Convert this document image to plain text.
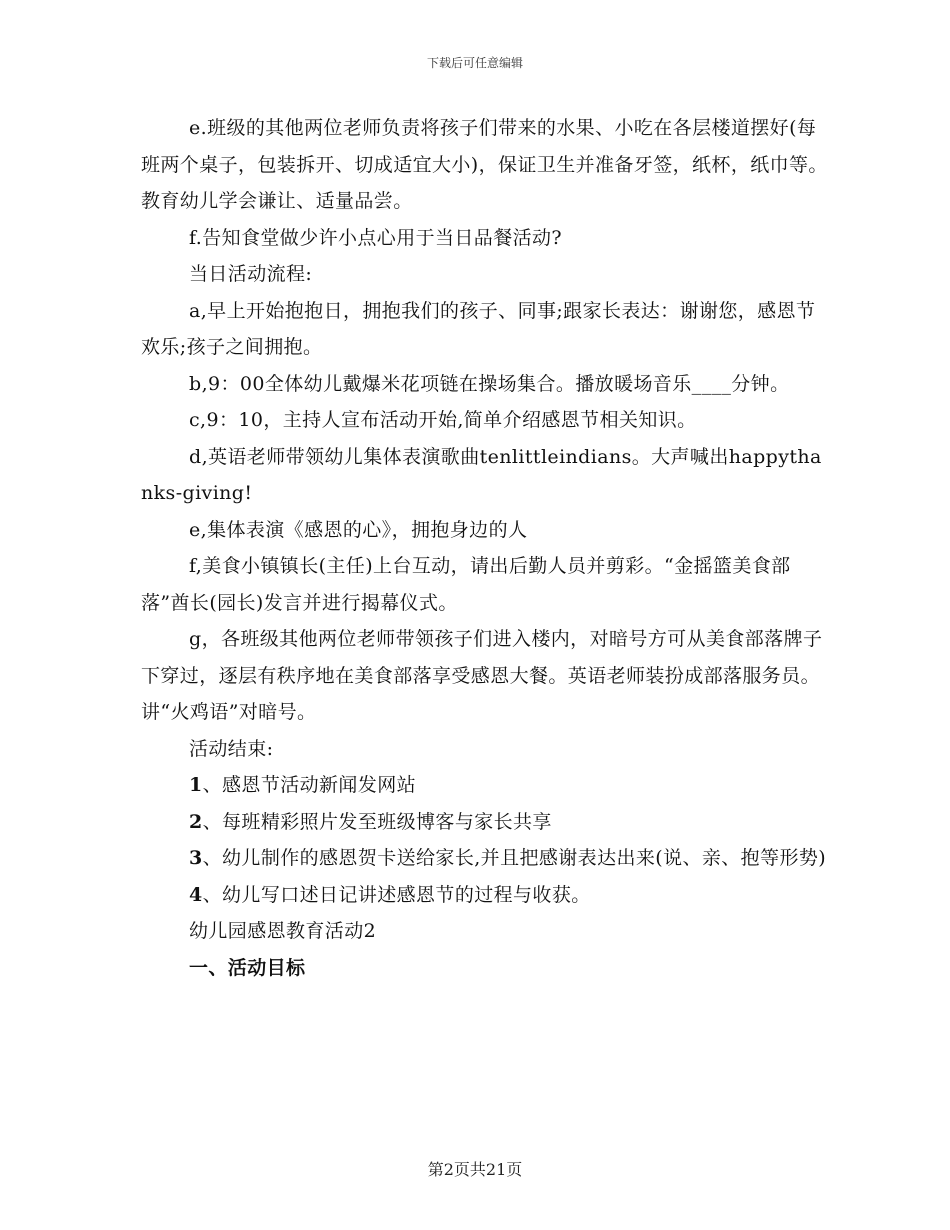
下载后可任意编辑

e.班级的其他两位老师负责将孩子们带来的水果、小吃在各层楼道摆好(每班两个桌子，包装拆开、切成适宜大小)，保证卫生并准备牙签，纸杯，纸巾等。教育幼儿学会谦让、适量品尝。

f.告知食堂做少许小点心用于当日品餐活动?

当日活动流程:

a,早上开始抱抱日，拥抱我们的孩子、同事;跟家长表达：谢谢您，感恩节欢乐;孩子之间拥抱。

b,9：00全体幼儿戴爆米花项链在操场集合。播放暖场音乐____分钟。

c,9：10，主持人宣布活动开始,简单介绍感恩节相关知识。

d,英语老师带领幼儿集体表演歌曲tenlittleindians。大声喊出happythanks-giving!

e,集体表演《感恩的心》，拥抱身边的人

f,美食小镇镇长(主任)上台互动，请出后勤人员并剪彩。“金摇篮美食部落”酋长(园长)发言并进行揭幕仪式。

g，各班级其他两位老师带领孩子们进入楼内，对暗号方可从美食部落牌子下穿过，逐层有秩序地在美食部落享受感恩大餐。英语老师装扮成部落服务员。讲“火鸡语”对暗号。

活动结束:

1、感恩节活动新闻发网站

2、每班精彩照片发至班级博客与家长共享

3、幼儿制作的感恩贺卡送给家长,并且把感谢表达出来(说、亲、抱等形势)

4、幼儿写口述日记讲述感恩节的过程与收获。

幼儿园感恩教育活动2

一、活动目标

第2页共21页
